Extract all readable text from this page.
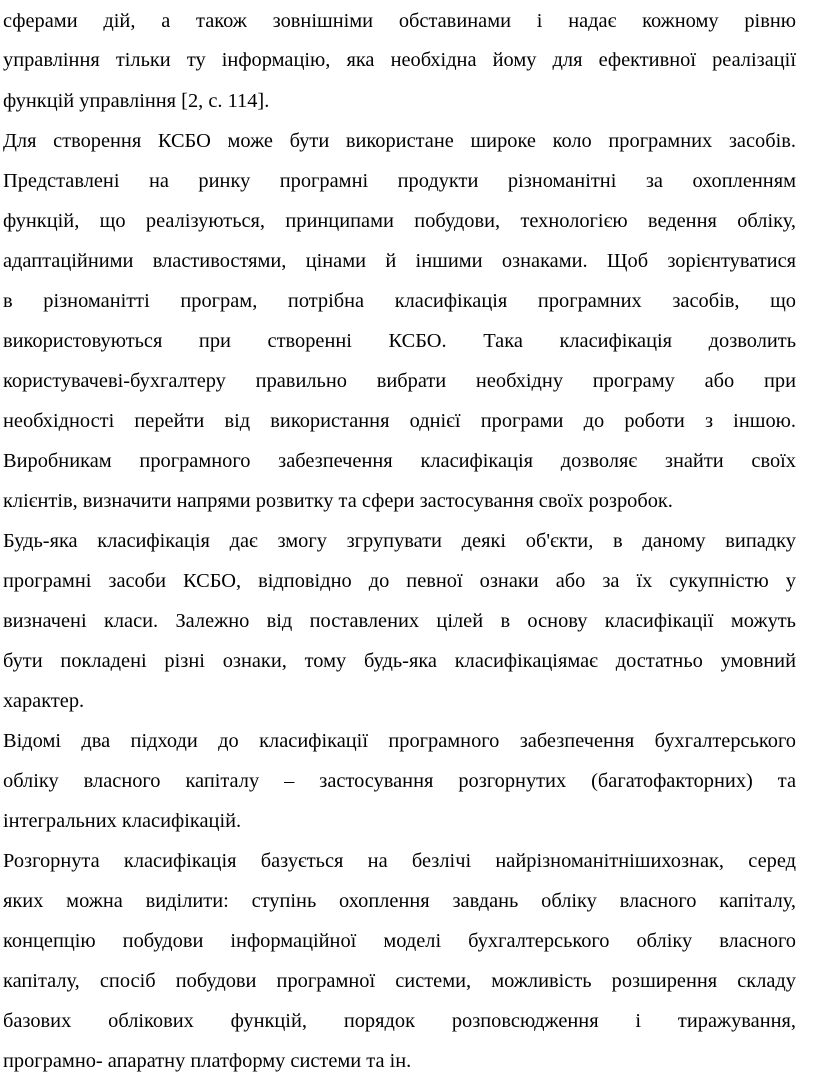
сферами дій, а також зовнішніми обставинами і надає кожному рівню
управління тільки ту інформацію, яка необхідна йому для ефективної реалізації
функцій управління [2, с. 114].
Для створення КСБО може бути використане широке коло програмних засобів.
Представлені на ринку програмні продукти різноманітні за охопленням
функцій, що реалізуються, принципами побудови, технологією ведення обліку,
адаптаційними властивостями, цінами й іншими ознаками. Щоб зорієнтуватися
в різноманітті програм, потрібна класифікація програмних засобів, що
використовуються при створенні КСБО. Така класифікація дозволить
користувачеві-бухгалтеру правильно вибрати необхідну програму або при
необхідності перейти від використання однієї програми до роботи з іншою.
Виробникам програмного забезпечення класифікація дозволяє знайти своїх
клієнтів, визначити напрями розвитку та сфери застосування своїх розробок.
Будь-яка класифікація дає змогу згрупувати деякі об'єкти, в даному випадку
програмні засоби КСБО, відповідно до певної ознаки або за їх сукупністю у
визначені класи. Залежно від поставлених цілей в основу класифікації можуть
бути покладені різні ознаки, тому будь-яка класифікаціямає достатньо умовний
характер.
Відомі два підходи до класифікації програмного забезпечення бухгалтерського
обліку власного капіталу – застосування розгорнутих (багатофакторних) та
інтегральних класифікацій.
Розгорнута класифікація базується на безлічі найрізноманітнішихознак, серед
яких можна виділити: ступінь охоплення завдань обліку власного капіталу,
концепцію побудови інформаційної моделі бухгалтерського обліку власного
капіталу, спосіб побудови програмної системи, можливість розширення складу
базових облікових функцій, порядок розповсюдження і тиражування,
програмно- апаратну платформу системи та ін.
